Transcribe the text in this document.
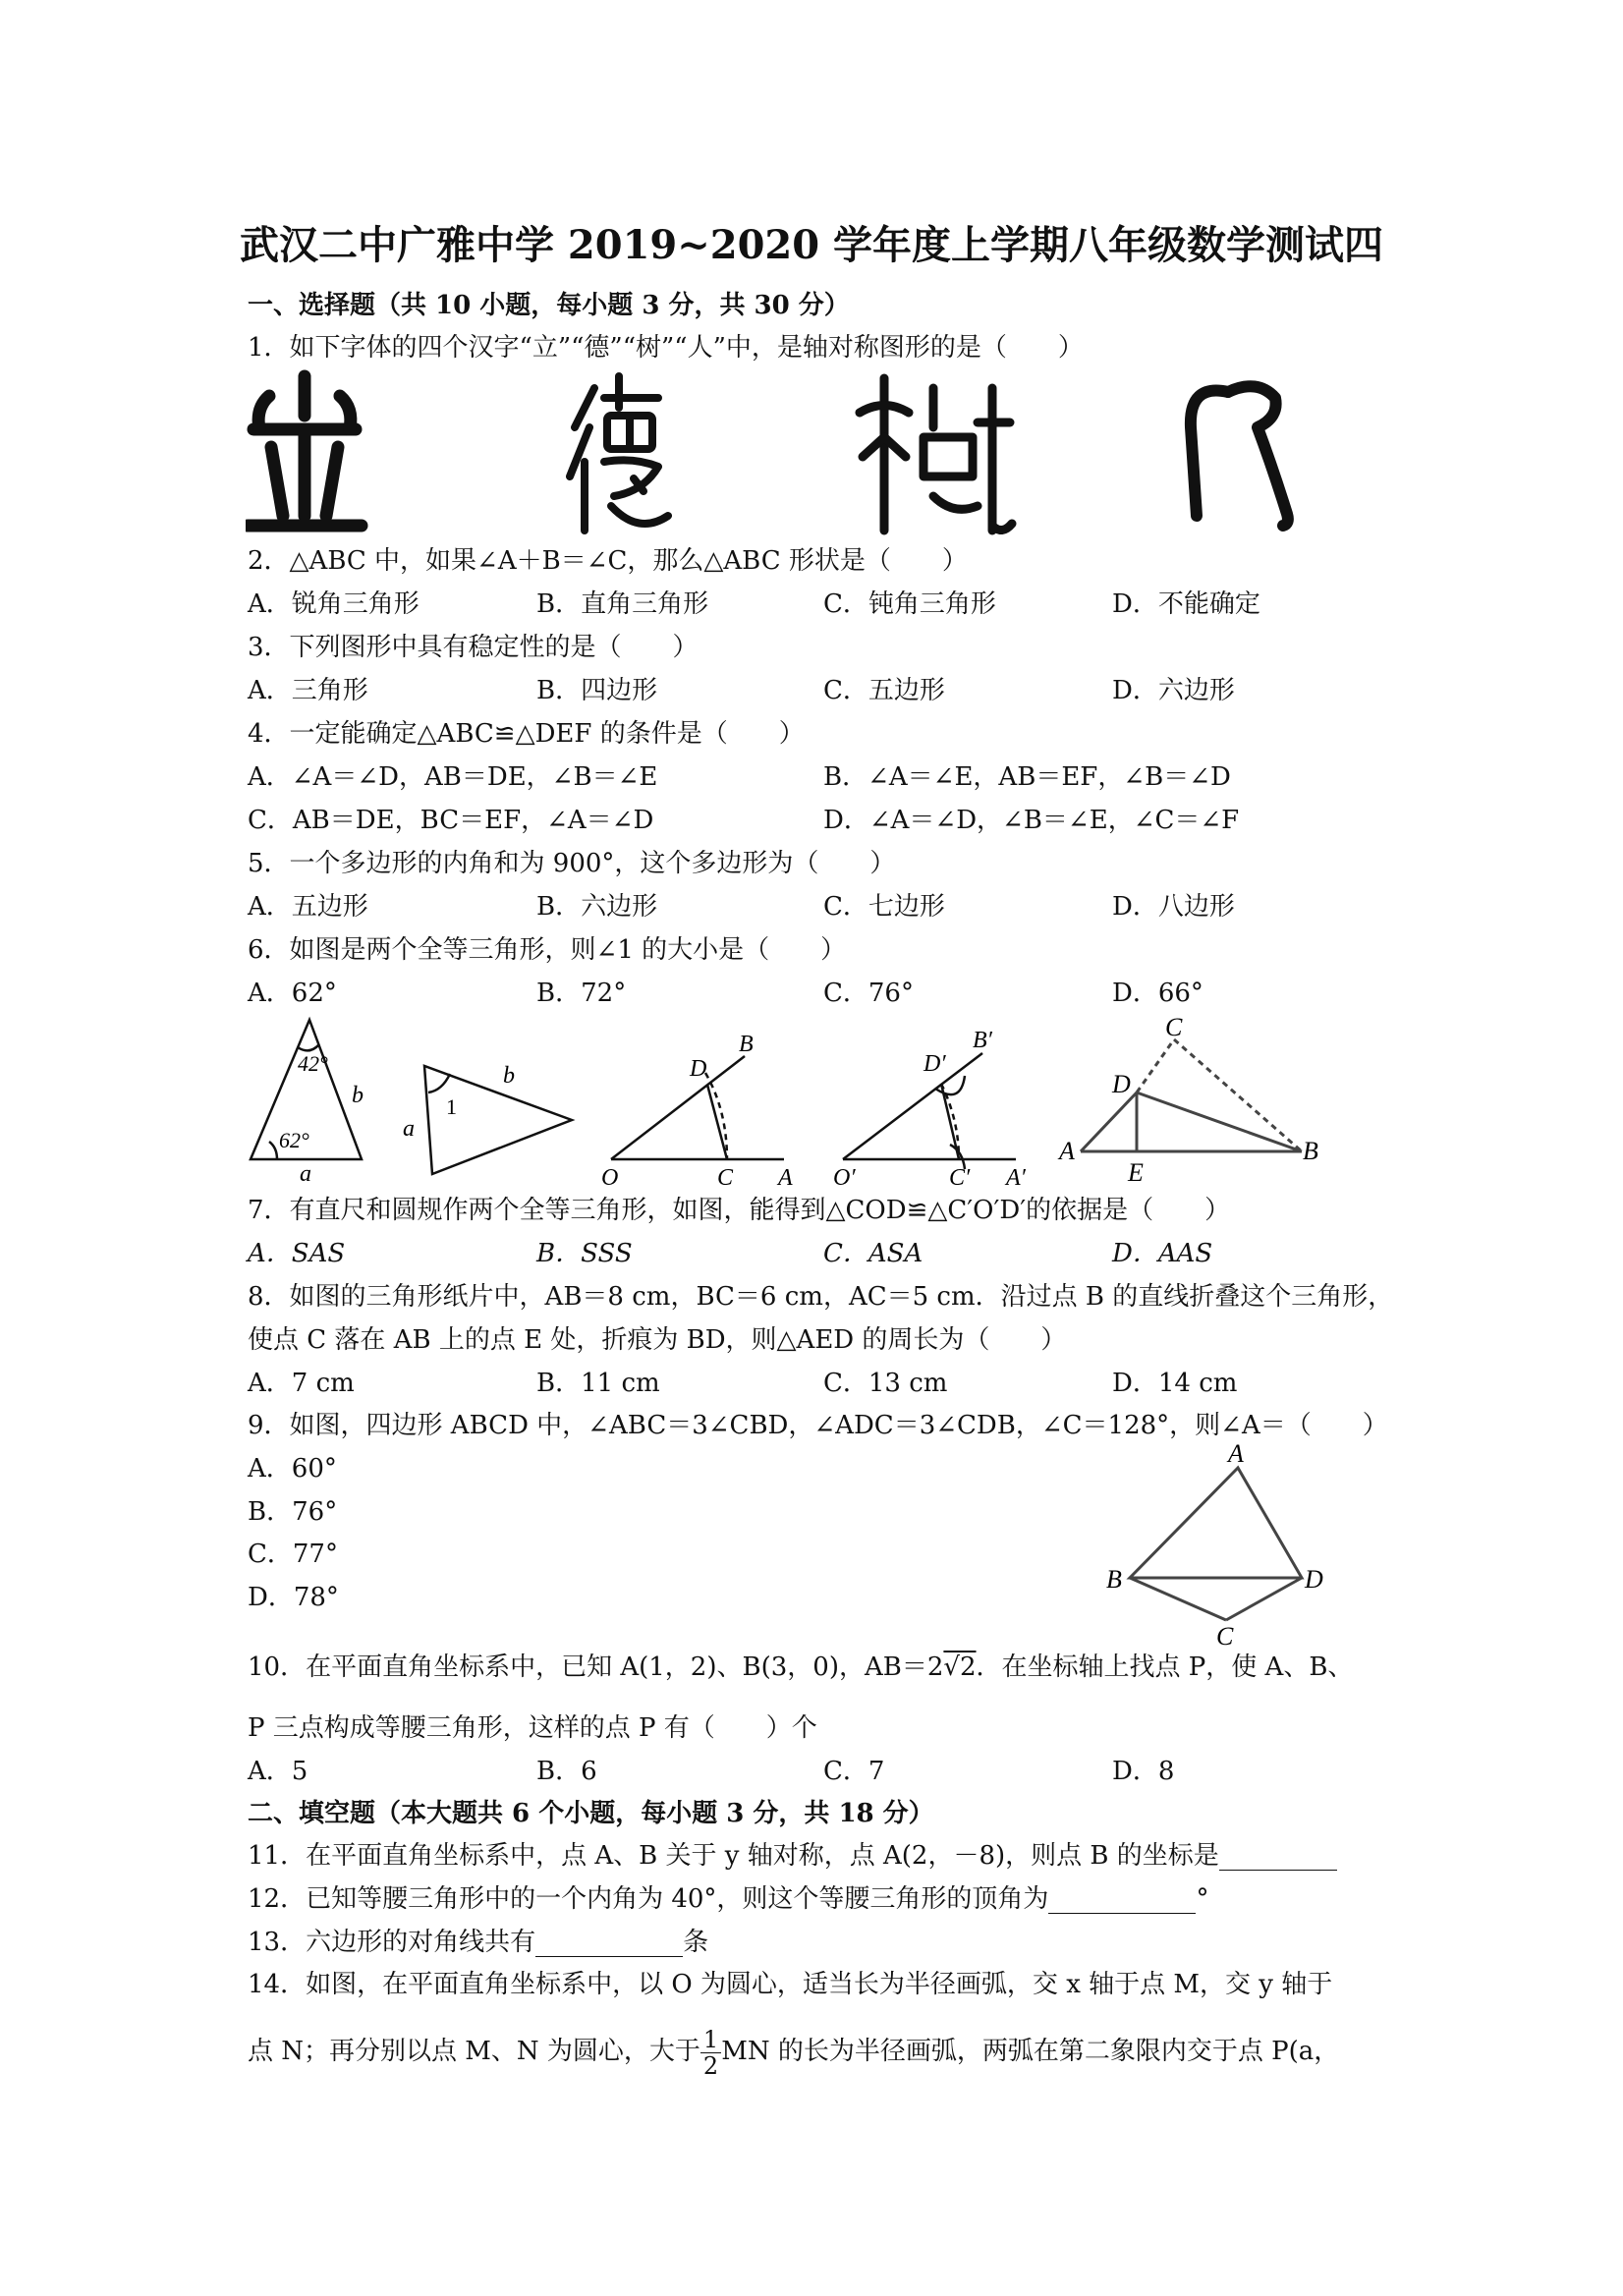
武汉二中广雅中学 2019~2020 学年度上学期八年级数学测试四
一、选择题（共 10 小题，每小题 3 分，共 30 分）
1．如下字体的四个汉字“立”“德”“树”“人”中，是轴对称图形的是（　　）
2．△ABC 中，如果∠A＋B＝∠C，那么△ABC 形状是（　　）
A．锐角三角形	B．直角三角形	C．钝角三角形	D．不能确定
3．下列图形中具有稳定性的是（　　）
A．三角形	B．四边形	C．五边形	D．六边形
4．一定能确定△ABC≌△DEF 的条件是（　　）
A．∠A＝∠D，AB＝DE，∠B＝∠E	B．∠A＝∠E，AB＝EF，∠B＝∠D
C．AB＝DE，BC＝EF，∠A＝∠D	D．∠A＝∠D，∠B＝∠E，∠C＝∠F
5．一个多边形的内角和为 900°，这个多边形为（　　）
A．五边形	B．六边形	C．七边形	D．八边形
6．如图是两个全等三角形，则∠1 的大小是（　　）
A．62°	B．72°	C．76°	D．66°
42°
62°
b
a
a
b
1
O	C A
D
B
O′	C′ A′
D′
B′	C
D
A
E
B
7．有直尺和圆规作两个全等三角形，如图，能得到△COD≌△C′O′D′的依据是（　　）
A．SAS	B．SSS	C．ASA	D．AAS
8．如图的三角形纸片中，AB＝8 cm，BC＝6 cm，AC＝5 cm．沿过点 B 的直线折叠这个三角形，
使点 C 落在 AB 上的点 E 处，折痕为 BD，则△AED 的周长为（　　）
A．7 cm	B．11 cm	C．13 cm	D．14 cm
9．如图，四边形 ABCD 中，∠ABC＝3∠CBD，∠ADC＝3∠CDB，∠C＝128°，则∠A＝（　　）
A．60°
B．76°
C．77°
D．78°
A
B	D
C
10．在平面直角坐标系中，已知 A(1，2)、B(3，0)，AB＝2√2．在坐标轴上找点 P，使 A、B、
P 三点构成等腰三角形，这样的点 P 有（　　）个
A．5	B．6	C．7	D．8
二、填空题（本大题共 6 个小题，每小题 3 分，共 18 分）
11．在平面直角坐标系中，点 A、B 关于 y 轴对称，点 A(2，－8)，则点 B 的坐标是
12．已知等腰三角形中的一个内角为 40°，则这个等腰三角形的顶角为	°
13．六边形的对角线共有	条
14．如图，在平面直角坐标系中，以 O 为圆心，适当长为半径画弧，交 x 轴于点 M，交 y 轴于
点 N；再分别以点 M、N 为圆心，大于 $\frac{1}{2}$ MN 的长为半径画弧，两弧在第二象限内交于点 P(a，
